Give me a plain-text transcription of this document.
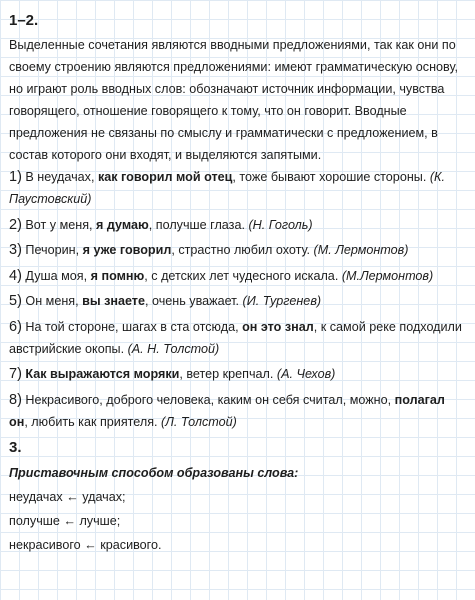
1–2.

Выделенные сочетания являются вводными предложениями, так как они по своему строению являются предложениями: имеют грамматическую основу, но играют роль вводных слов: обозначают источник информации, чувства говорящего, отношение говорящего к тому, что он говорит. Вводные предложения не связаны по смыслу и грамматически с предложением, в состав которого они входят, и выделяются запятыми.

1) В неудачах, как говорил мой отец, тоже бывают хорошие стороны. (К. Паустовский)

2) Вот у меня, я думаю, получше глаза. (Н. Гоголь)

3) Печорин, я уже говорил, страстно любил охоту. (М. Лермонтов)

4) Душа моя, я помню, с детских лет чудесного искала. (М.Лермонтов)

5) Он меня, вы знаете, очень уважает. (И. Тургенев)

6) На той стороне, шагах в ста отсюда, он это знал, к самой реке подходили австрийские окопы. (А. Н. Толстой)

7) Как выражаются моряки, ветер крепчал. (А. Чехов)

8) Некрасивого, доброго человека, каким он себя считал, можно, полагал он, любить как приятеля. (Л. Толстой)

3.

Приставочным способом образованы слова:

неудачах ← удачах;

получше ← лучше;

некрасивого ← красивого.
